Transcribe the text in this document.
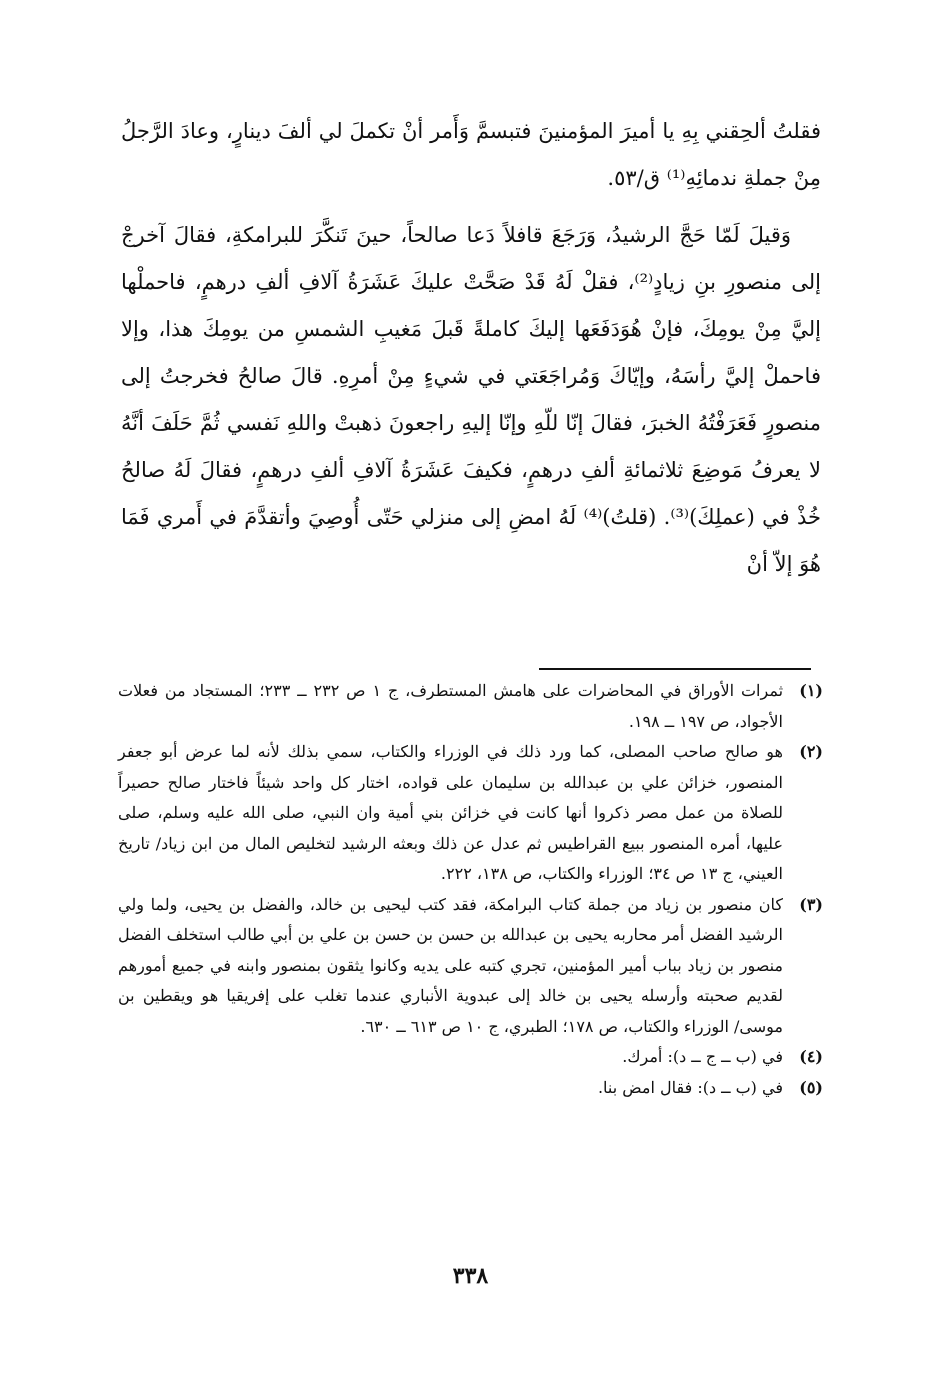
فقلتُ ألحِقني بِهِ يا أميرَ المؤمنينَ فتبسمَّ وَأَمر أنْ تكملَ لي ألفَ دينارٍ، وعادَ الرَّجلُ مِنْ جملةِ ندمائِهِ⁽¹⁾ ق/٥٣.

وَقيلَ لَمّا حَجَّ الرشيدُ، وَرَجَعَ قافلاً دَعا صالحاً، حينَ تَنكَّرَ للبرامكةِ، فقالَ آخرجْ إلى منصورِ بنِ زيادٍ⁽²⁾، فقلْ لَهُ قَدْ صَحَّتْ عليكَ عَشَرَةُ آلافِ ألفِ درهمٍ، فاحملْها إليَّ مِنْ يومِكَ، فإنْ هُوَدَفَعَها إليكَ كاملةً قَبلَ مَغيبِ الشمسِ من يومِكَ هذا، وإلا فاحملْ إليَّ رأسَهُ، وإيّاكَ وَمُراجَعَتي في شيءٍ مِنْ أمرِهِ. قالَ صالحُ فخرجتُ إلى منصورٍ فَعَرَفْتُهُ الخبرَ، فقالَ إنّا للّهِ وإنّا إليهِ راجعونَ ذهبتْ واللهِ نَفسي ثُمَّ حَلَفَ أنَّهُ لا يعرفُ مَوضِعَ ثلاثمائةِ ألفِ درهمٍ، فكيفَ عَشَرَةُ آلافِ ألفِ درهمٍ، فقالَ لَهُ صالحُ خُذْ في (عملِكَ)⁽³⁾. (قلتُ)⁽⁴⁾ لَهُ امضِ إلى منزلي حَتّى أُوصِيَ وأتقدَّمَ في أَمري فَمَا هُوَ إلاّ أنْ

(١)
ثمرات الأوراق في المحاضرات على هامش المستطرف، ج ١ ص ٢٣٢ ــ ٢٣٣؛ المستجاد من فعلات الأجواد، ص ١٩٧ ــ ١٩٨.
(٢)
هو صالح صاحب المصلى، كما ورد ذلك في الوزراء والكتاب، سمي بذلك لأنه لما عرض أبو جعفر المنصور، خزائن علي بن عبدالله بن سليمان على قواده، اختار كل واحد شيئاً فاختار صالح حصيراً للصلاة من عمل مصر ذكروا أنها كانت في خزائن بني أمية وان النبي، صلى الله عليه وسلم، صلى عليها، أمره المنصور ببيع القراطيس ثم عدل عن ذلك وبعثه الرشيد لتخليص المال من ابن زياد/ تاريخ العيني، ج ١٣ ص ٣٤؛ الوزراء والكتاب، ص ١٣٨، ٢٢٢.
(٣)
كان منصور بن زياد من جملة كتاب البرامكة، فقد كتب ليحيى بن خالد، والفضل بن يحيى، ولما ولي الرشيد الفضل أمر محاربه يحيى بن عبدالله بن حسن بن حسن بن علي بن أبي طالب استخلف الفضل منصور بن زياد بباب أمير المؤمنين، تجري كتبه على يديه وكانوا يثقون بمنصور وابنه في جميع أمورهم لقديم صحبته وأرسله يحيى بن خالد إلى عبدوية الأنباري عندما تغلب على إفريقيا هو ويقطين بن موسى/ الوزراء والكتاب، ص ١٧٨؛ الطبري، ج ١٠ ص ٦١٣ ــ ٦٣٠.
(٤)
في (ب ــ ج ــ د): أمرك.
(٥)
في (ب ــ د): فقال امض بنا.
٣٣٨
